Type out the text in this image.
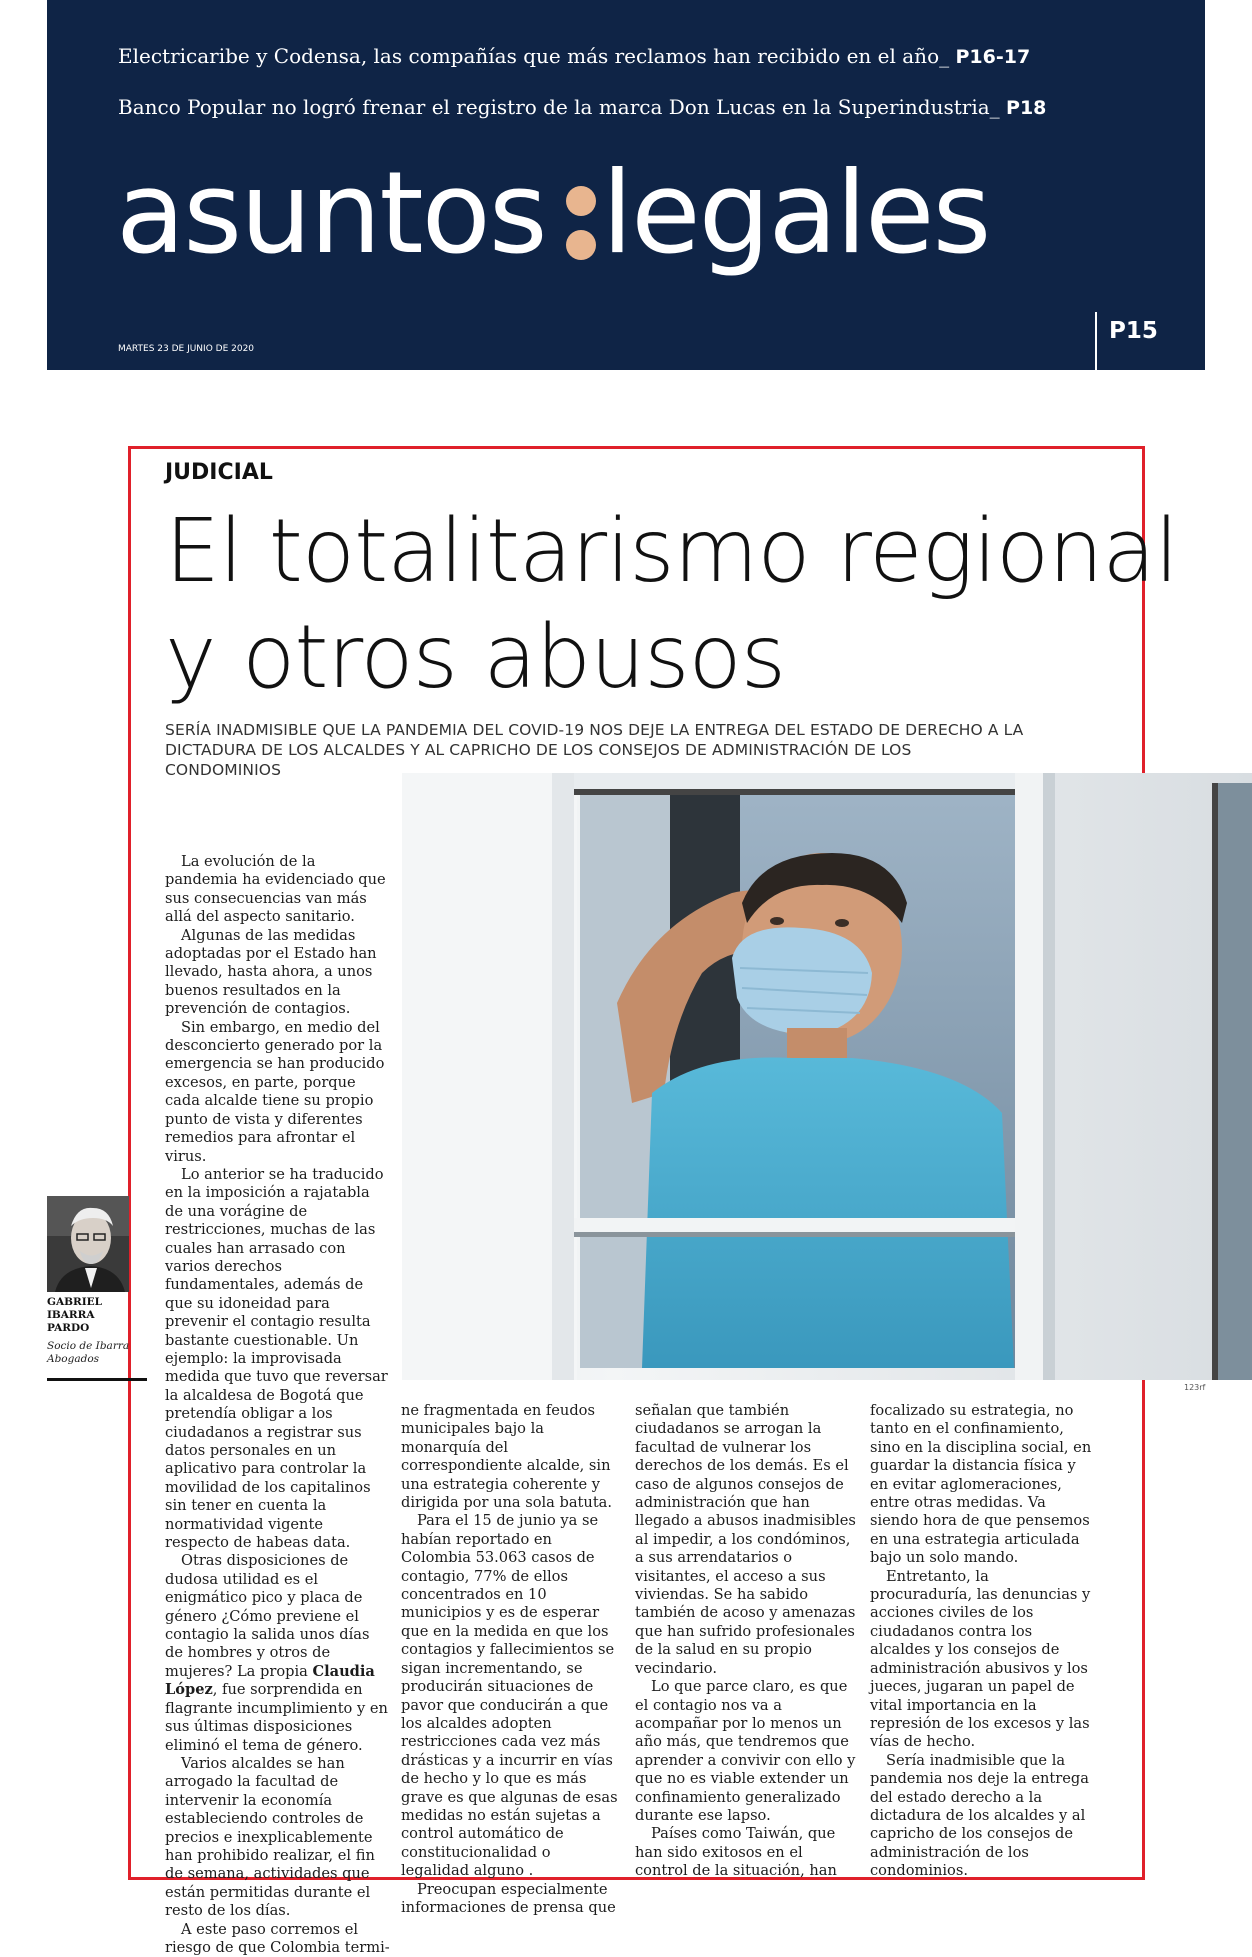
Electricaribe y Codensa, las compañías que más reclamos han recibido en el año_ P16-17
Banco Popular no logró frenar el registro de la marca Don Lucas en la Superindustria_ P18
asuntos legales
MARTES 23 DE JUNIO DE 2020
P15
JUDICIAL
El totalitarismo regional
y otros abusos
SERÍA INADMISIBLE QUE LA PANDEMIA DEL COVID-19 NOS DEJE LA ENTREGA DEL ESTADO DE DERECHO A LA
DICTADURA DE LOS ALCALDES Y AL CAPRICHO DE LOS CONSEJOS DE ADMINISTRACIÓN DE LOS CONDOMINIOS
123rf
GABRIEL
IBARRA
PARDO
Socio de Ibarra
Abogados

La evolución de la pandemia ha evidenciado que sus consecuencias van más allá del aspecto sanitario.

Algunas de las medidas adoptadas por el Estado han llevado, hasta ahora, a unos buenos resultados en la prevención de contagios.

Sin embargo, en medio del desconcierto generado por la emergencia se han producido excesos, en parte, porque cada alcalde tiene su propio punto de vista y diferentes remedios para afrontar el virus.

Lo anterior se ha traducido en la imposición a rajatabla de una vorágine de restricciones, muchas de las cuales han arrasado con varios derechos fundamentales, además de que su idoneidad para prevenir el contagio resulta bastante cuestionable. Un ejemplo: la improvisada medida que tuvo que reversar la alcaldesa de Bogotá que pretendía obligar a los ciudadanos a registrar sus datos personales en un aplicativo para controlar la movilidad de los capitalinos sin tener en cuenta la normatividad vigente respecto de habeas data.

Otras disposiciones de dudosa utilidad es el enigmático pico y placa de género ¿Cómo previene el contagio la salida unos días de hombres y otros de mujeres? La propia Claudia López, fue sorprendida en flagrante incumplimiento y en sus últimas disposiciones eliminó el tema de género.

Varios alcaldes se han arrogado la facultad de intervenir la economía estableciendo controles de precios e inexplicablemente han prohibido realizar, el fin de semana, actividades que están permitidas durante el resto de los días.

A este paso corremos el riesgo de que Colombia termi-

ne fragmentada en feudos municipales bajo la monarquía del correspondiente alcalde, sin una estrategia coherente y dirigida por una sola batuta.

Para el 15 de junio ya se habían reportado en Colombia 53.063 casos de contagio, 77% de ellos concentrados en 10 municipios y es de esperar que en la medida en que los contagios y fallecimientos se sigan incrementando, se producirán situaciones de pavor que conducirán a que los alcaldes adopten restricciones cada vez más drásticas y a incurrir en vías de hecho y lo que es más grave es que algunas de esas medidas no están sujetas a control automático de constitucionalidad o legalidad alguno .

Preocupan especialmente informaciones de prensa que

señalan que también ciudadanos se arrogan la facultad de vulnerar los derechos de los demás. Es el caso de algunos consejos de administración que han llegado a abusos inadmisibles al impedir, a los condóminos, a sus arrendatarios o visitantes, el acceso a sus viviendas. Se ha sabido también de acoso y amenazas que han sufrido profesionales de la salud en su propio vecindario.

Lo que parce claro, es que el contagio nos va a acompañar por lo menos un año más, que tendremos que aprender a convivir con ello y que no es viable extender un confinamiento generalizado durante ese lapso.

Países como Taiwán, que han sido exitosos en el control de la situación, han

focalizado su estrategia, no tanto en el confinamiento, sino en la disciplina social, en guardar la distancia física y en evitar aglomeraciones, entre otras medidas. Va siendo hora de que pensemos en una estrategia articulada bajo un solo mando.

Entretanto, la procuraduría, las denuncias y acciones civiles de los ciudadanos contra los alcaldes y los consejos de administración abusivos y los jueces, jugaran un papel de vital importancia en la represión de los excesos y las vías de hecho.

Sería inadmisible que la pandemia nos deje la entrega del estado derecho a la dictadura de los alcaldes y al capricho de los consejos de administración de los condominios.
